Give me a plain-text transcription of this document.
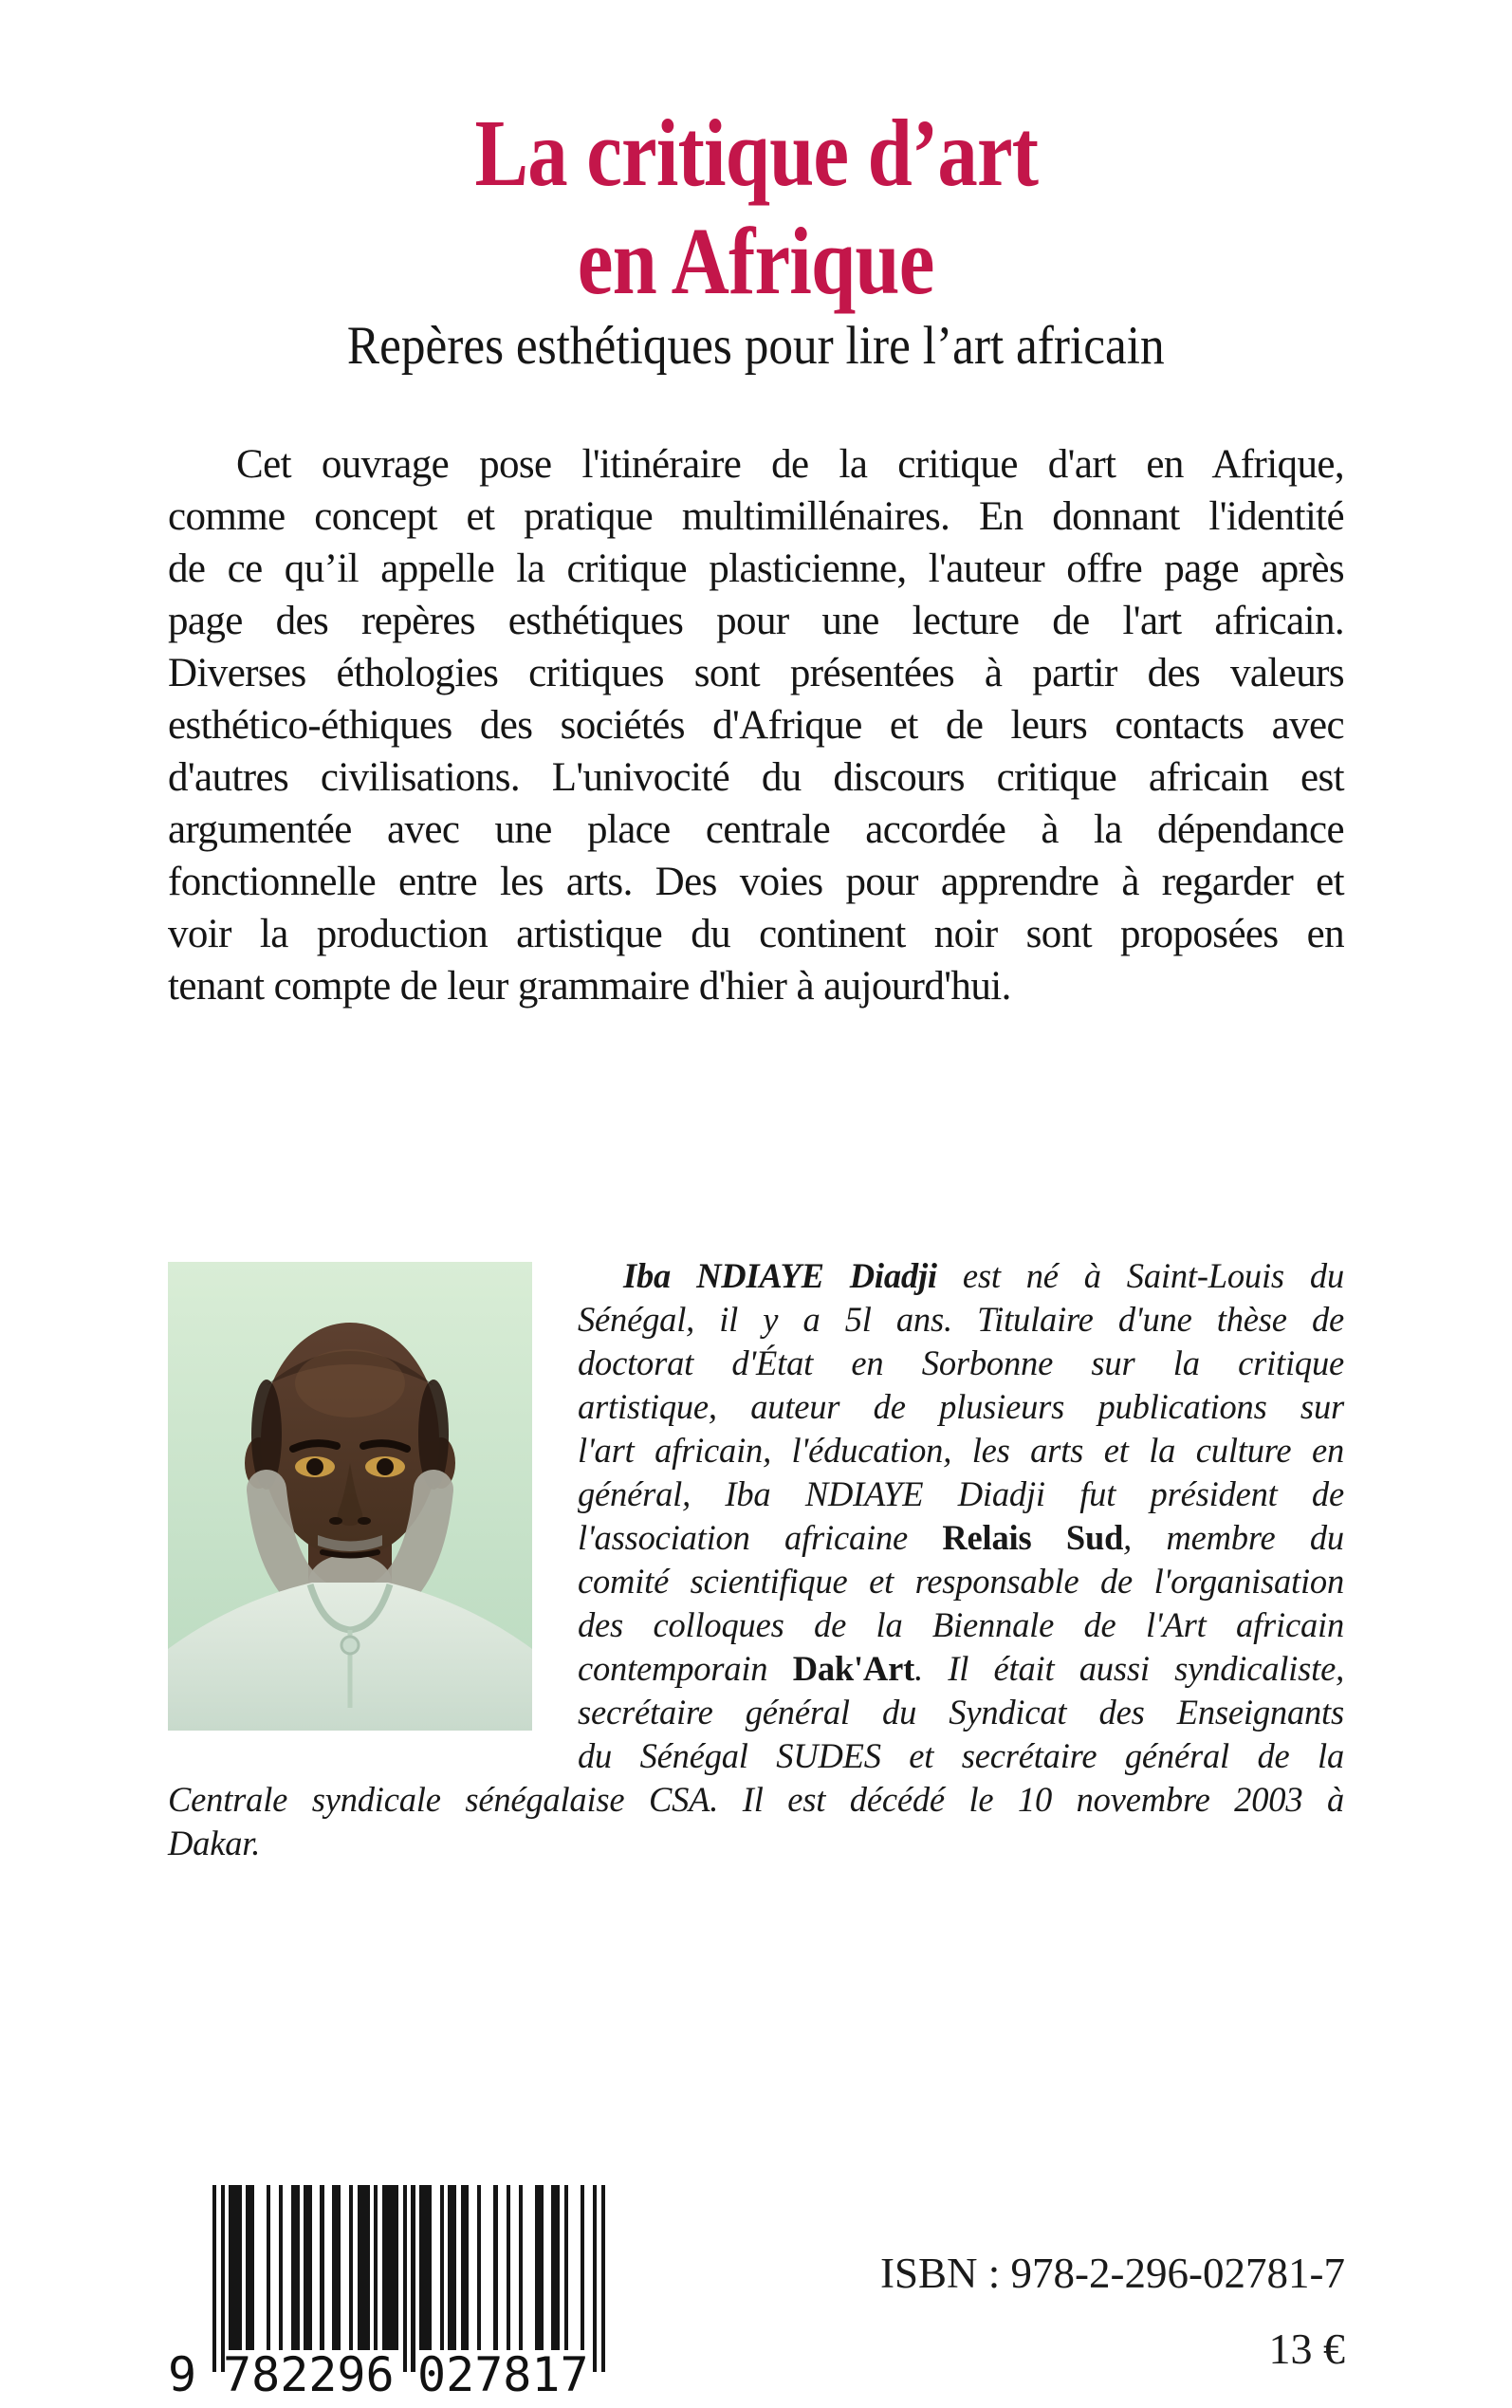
La critique d’art
en Afrique
Repères esthétiques pour lire l’art africain
Cet ouvrage pose l'itinéraire de la critique d'art en Afrique,
comme concept et pratique multimillénaires. En donnant l'identité
de ce qu’il appelle la critique plasticienne, l'auteur offre page après
page des repères esthétiques pour une lecture de l'art africain.
Diverses éthologies critiques sont présentées à partir des valeurs
esthético-éthiques des sociétés d'Afrique et de leurs contacts avec
d'autres civilisations. L'univocité du discours critique africain est
argumentée avec une place centrale accordée à la dépendance
fonctionnelle entre les arts. Des voies pour apprendre à regarder et
voir la production artistique du continent noir sont proposées en
tenant compte de leur grammaire d'hier à aujourd'hui.
Iba NDIAYE Diadji est né à Saint-Louis du
Sénégal, il y a 5l ans. Titulaire d'une thèse de
doctorat d'État en Sorbonne sur la critique
artistique, auteur de plusieurs publications sur
l'art africain, l'éducation, les arts et la culture en
général, Iba NDIAYE Diadji fut président de
l'association africaine Relais Sud, membre du
comité scientifique et responsable de l'organisation
des colloques de la Biennale de l'Art africain
contemporain Dak'Art. Il était aussi syndicaliste,
secrétaire général du Syndicat des Enseignants
du Sénégal SUDES et secrétaire général de la
Centrale syndicale sénégalaise CSA. Il est décédé le 10 novembre 2003 à
Dakar.
9 782296 027817
ISBN : 978-2-296-02781-7
13 €
